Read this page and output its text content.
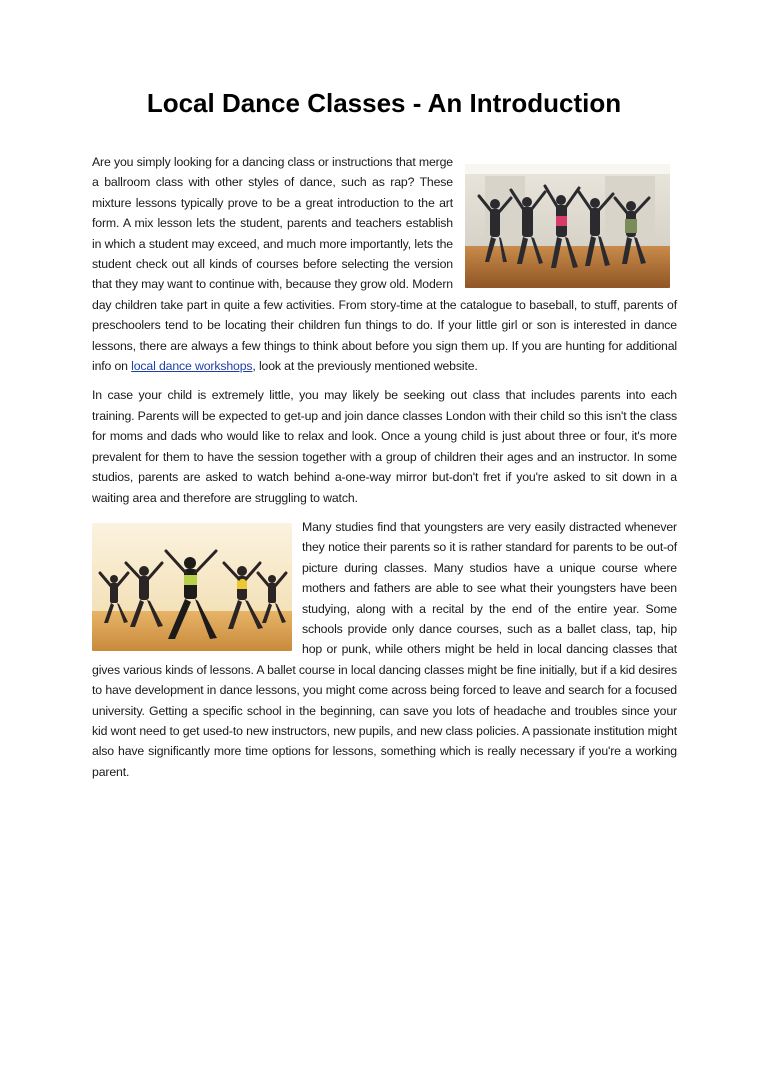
Local Dance Classes - An Introduction

Are you simply looking for a dancing class or instructions that merge a ballroom class with other styles of dance, such as rap? These mixture lessons typically prove to be a great introduction to the art form. A mix lesson lets the student, parents and teachers establish in which a student may exceed, and much more importantly, lets the student check out all kinds of courses before selecting the version that they may want to continue with, because they grow old. Modern day children take part in quite a few activities. From story-time at the catalogue to baseball, to stuff, parents of preschoolers tend to be locating their children fun things to do. If your little girl or son is interested in dance lessons, there are always a few things to think about before you sign them up. If you are hunting for additional info on local dance workshops, look at the previously mentioned website.

In case your child is extremely little, you may likely be seeking out class that includes parents into each training. Parents will be expected to get-up and join dance classes London with their child so this isn't the class for moms and dads who would like to relax and look. Once a young child is just about three or four, it's more prevalent for them to have the session together with a group of children their ages and an instructor. In some studios, parents are asked to watch behind a-one-way mirror but-don't fret if you're asked to sit down in a waiting area and therefore are struggling to watch.

Many studies find that youngsters are very easily distracted whenever they notice their parents so it is rather standard for parents to be out-of picture during classes. Many studios have a unique course where mothers and fathers are able to see what their youngsters have been studying, along with a recital by the end of the entire year. Some schools provide only dance courses, such as a ballet class, tap, hip hop or punk, while others might be held in local dancing classes that gives various kinds of lessons. A ballet course in local dancing classes might be fine initially, but if a kid desires to have development in dance lessons, you might come across being forced to leave and search for a focused university. Getting a specific school in the beginning, can save you lots of headache and troubles since your kid wont need to get used-to new instructors, new pupils, and new class policies. A passionate institution might also have significantly more time options for lessons, something which is really necessary if you're a working parent.
